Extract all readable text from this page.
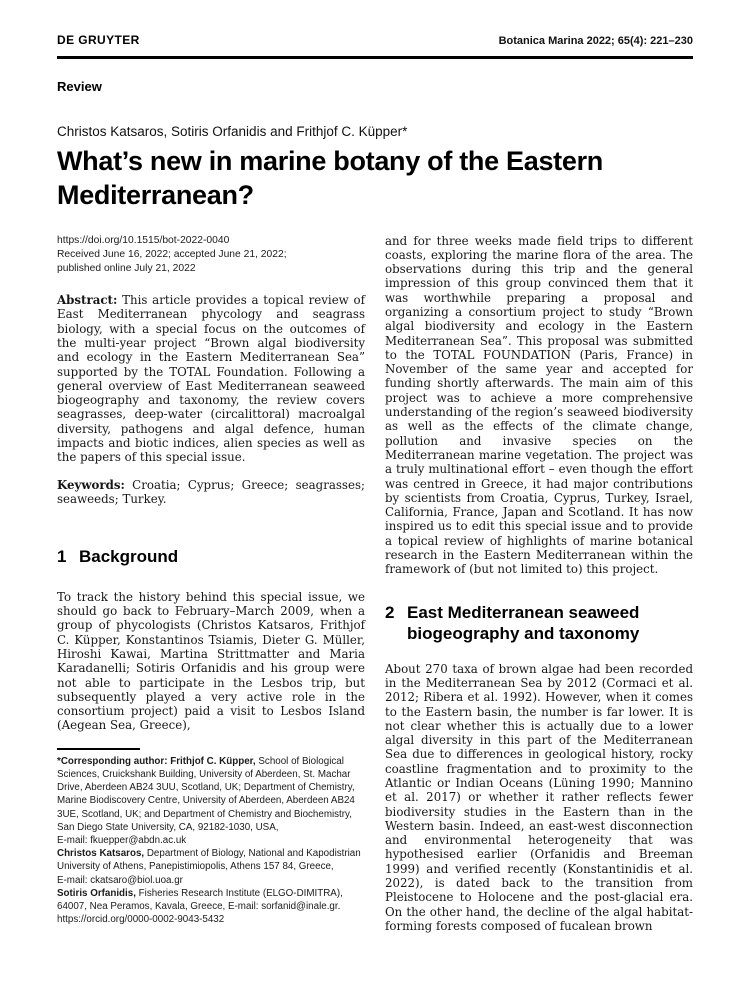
DE GRUYTER	Botanica Marina 2022; 65(4): 221–230
Review
Christos Katsaros, Sotiris Orfanidis and Frithjof C. Küpper*
What’s new in marine botany of the Eastern
Mediterranean?
https://doi.org/10.1515/bot-2022-0040
Received June 16, 2022; accepted June 21, 2022;
published online July 21, 2022

Abstract: This article provides a topical review of East Mediterranean phycology and seagrass biology, with a special focus on the outcomes of the multi-year project “Brown algal biodiversity and ecology in the Eastern Mediterranean Sea” supported by the TOTAL Foundation. Following a general overview of East Mediterranean seaweed biogeography and taxonomy, the review covers seagrasses, deep-water (circalittoral) macroalgal diversity, pathogens and algal defence, human impacts and biotic indices, alien species as well as the papers of this special issue.

Keywords: Croatia; Cyprus; Greece; seagrasses; seaweeds; Turkey.

1 Background

To track the history behind this special issue, we should go back to February–March 2009, when a group of phycologists (Christos Katsaros, Frithjof C. Küpper, Konstantinos Tsiamis, Dieter G. Müller, Hiroshi Kawai, Martina Strittmatter and Maria Karadanelli; Sotiris Orfanidis and his group were not able to participate in the Lesbos trip, but subsequently played a very active role in the consortium project) paid a visit to Lesbos Island (Aegean Sea, Greece),

*Corresponding author: Frithjof C. Küpper, School of Biological Sciences, Cruickshank Building, University of Aberdeen, St. Machar Drive, Aberdeen AB24 3UU, Scotland, UK; Department of Chemistry, Marine Biodiscovery Centre, University of Aberdeen, Aberdeen AB24 3UE, Scotland, UK; and Department of Chemistry and Biochemistry, San Diego State University, CA, 92182-1030, USA,
E-mail: fkuepper@abdn.ac.uk
Christos Katsaros, Department of Biology, National and Kapodistrian University of Athens, Panepistimiopolis, Athens 157 84, Greece,
E-mail: ckatsaro@biol.uoa.gr
Sotiris Orfanidis, Fisheries Research Institute (ELGO-DIMITRA), 64007, Nea Peramos, Kavala, Greece, E-mail: sorfanid@inale.gr.
https://orcid.org/0000-0002-9043-5432

and for three weeks made field trips to different coasts, exploring the marine flora of the area. The observations during this trip and the general impression of this group convinced them that it was worthwhile preparing a proposal and organizing a consortium project to study “Brown algal biodiversity and ecology in the Eastern Mediterranean Sea”. This proposal was submitted to the TOTAL FOUNDATION (Paris, France) in November of the same year and accepted for funding shortly afterwards. The main aim of this project was to achieve a more comprehensive understanding of the region’s seaweed biodiversity as well as the effects of the climate change, pollution and invasive species on the Mediterranean marine vegetation. The project was a truly multinational effort – even though the effort was centred in Greece, it had major contributions by scientists from Croatia, Cyprus, Turkey, Israel, California, France, Japan and Scotland. It has now inspired us to edit this special issue and to provide a topical review of highlights of marine botanical research in the Eastern Mediterranean within the framework of (but not limited to) this project.

2 East Mediterranean seaweed biogeography and taxonomy

About 270 taxa of brown algae had been recorded in the Mediterranean Sea by 2012 (Cormaci et al. 2012; Ribera et al. 1992). However, when it comes to the Eastern basin, the number is far lower. It is not clear whether this is actually due to a lower algal diversity in this part of the Mediterranean Sea due to differences in geological history, rocky coastline fragmentation and to proximity to the Atlantic or Indian Oceans (Lüning 1990; Mannino et al. 2017) or whether it rather reflects fewer biodiversity studies in the Eastern than in the Western basin. Indeed, an east-west disconnection and environmental heterogeneity that was hypothesised earlier (Orfanidis and Breeman 1999) and verified recently (Konstantinidis et al. 2022), is dated back to the transition from Pleistocene to Holocene and the post-glacial era. On the other hand, the decline of the algal habitat-forming forests composed of fucalean brown
